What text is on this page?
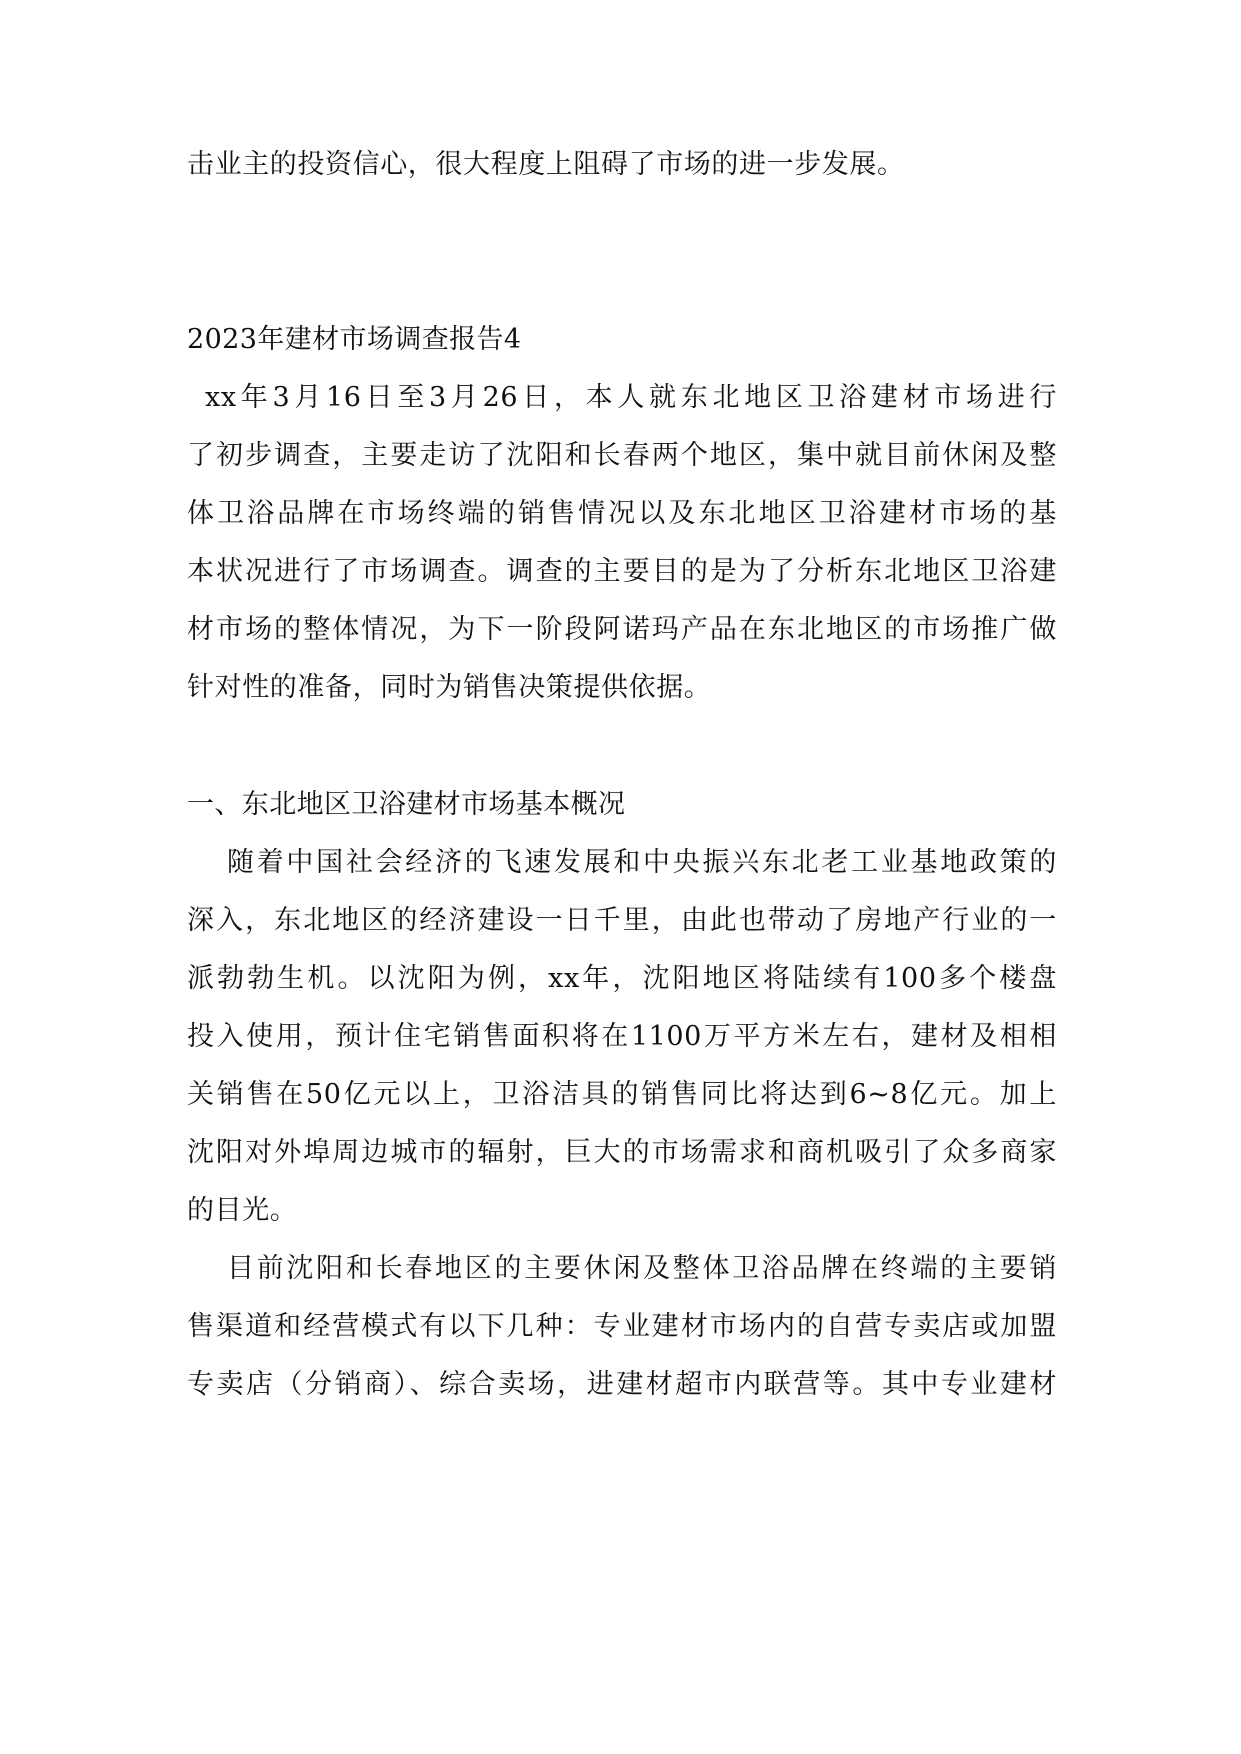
击业主的投资信心，很大程度上阻碍了市场的进一步发展。
2023年建材市场调查报告4
xx年3月16日至3月26日，本人就东北地区卫浴建材市场进行
了初步调查，主要走访了沈阳和长春两个地区，集中就目前休闲及整
体卫浴品牌在市场终端的销售情况以及东北地区卫浴建材市场的基
本状况进行了市场调查。调查的主要目的是为了分析东北地区卫浴建
材市场的整体情况，为下一阶段阿诺玛产品在东北地区的市场推广做
针对性的准备，同时为销售决策提供依据。
一、东北地区卫浴建材市场基本概况
随着中国社会经济的飞速发展和中央振兴东北老工业基地政策的
深入，东北地区的经济建设一日千里，由此也带动了房地产行业的一
派勃勃生机。以沈阳为例，xx年，沈阳地区将陆续有100多个楼盘
投入使用，预计住宅销售面积将在1100万平方米左右，建材及相相
关销售在50亿元以上，卫浴洁具的销售同比将达到6~8亿元。加上
沈阳对外埠周边城市的辐射，巨大的市场需求和商机吸引了众多商家
的目光。
目前沈阳和长春地区的主要休闲及整体卫浴品牌在终端的主要销
售渠道和经营模式有以下几种：专业建材市场内的自营专卖店或加盟
专卖店（分销商）、综合卖场，进建材超市内联营等。其中专业建材
